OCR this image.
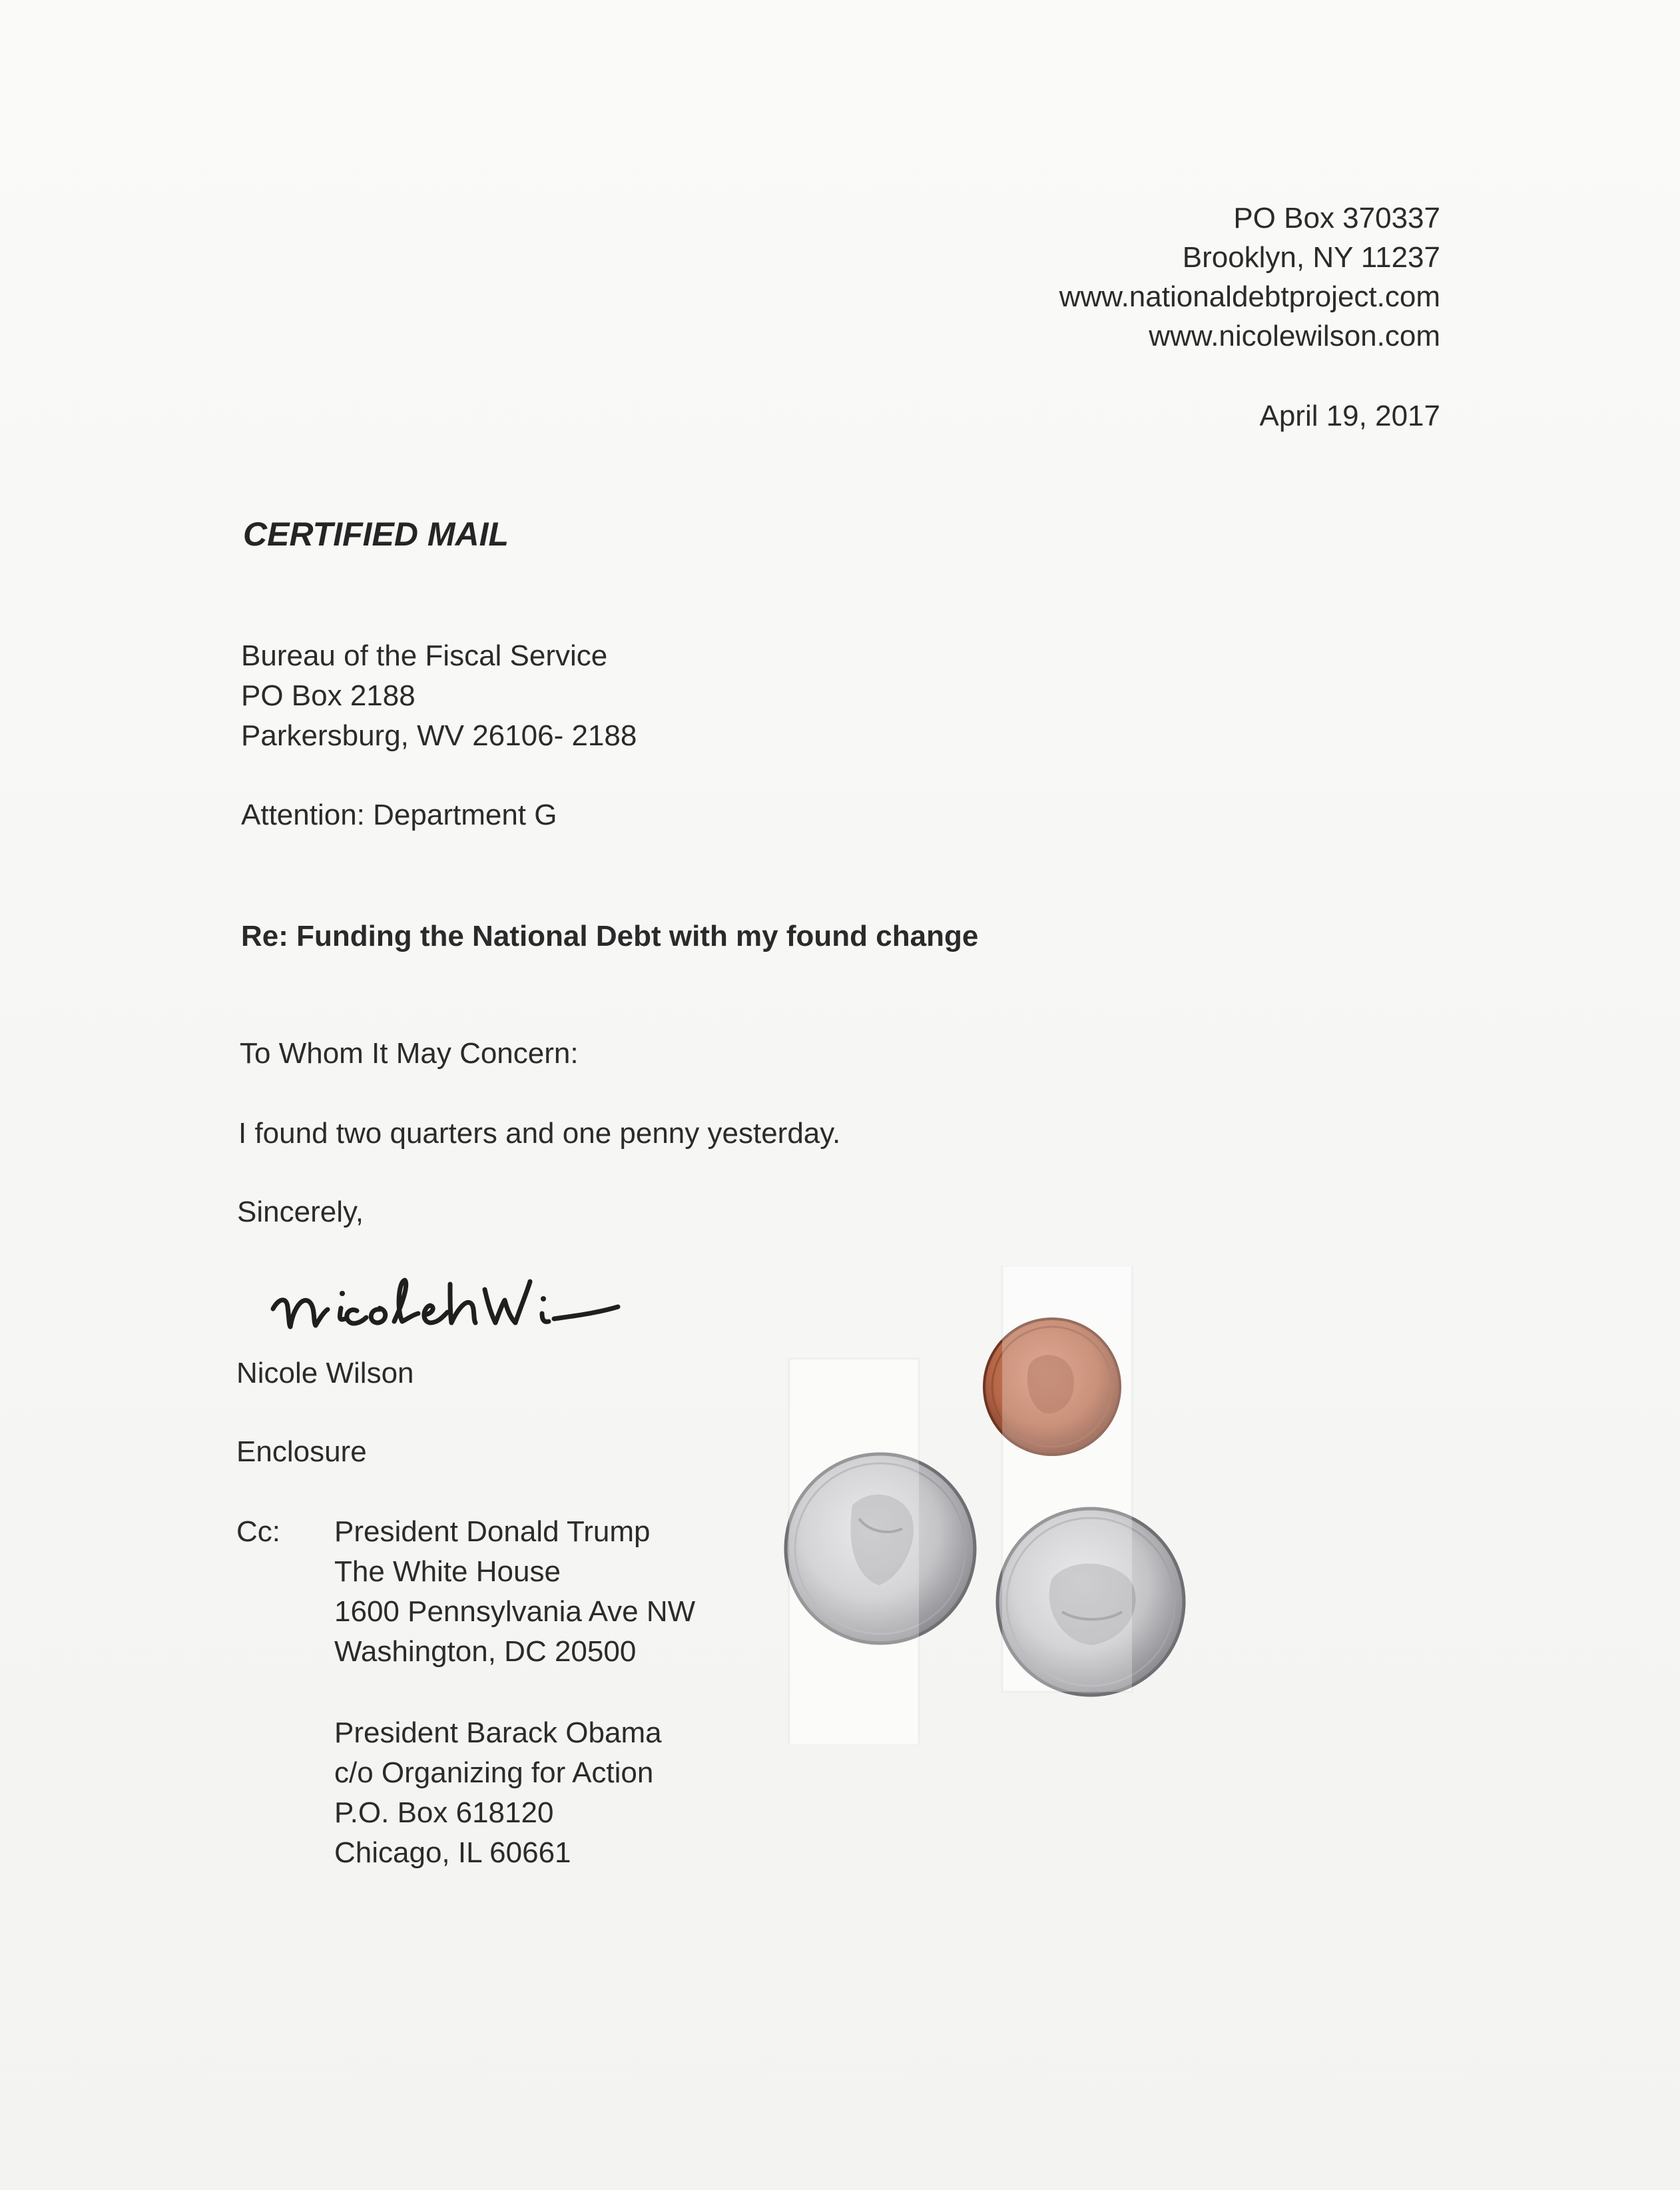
PO Box 370337
Brooklyn, NY 11237
www.nationaldebtproject.com
www.nicolewilson.com
April 19, 2017
CERTIFIED MAIL
Bureau of the Fiscal Service
PO Box 2188
Parkersburg, WV 26106- 2188
Attention: Department G
Re: Funding the National Debt with my found change
To Whom It May Concern:
I found two quarters and one penny yesterday.
Sincerely,
Nicole Wilson
Enclosure
Cc: President Donald Trump
The White House
1600 Pennsylvania Ave NW
Washington, DC 20500
President Barack Obama
c/o Organizing for Action
P.O. Box 618120
Chicago, IL 60661
